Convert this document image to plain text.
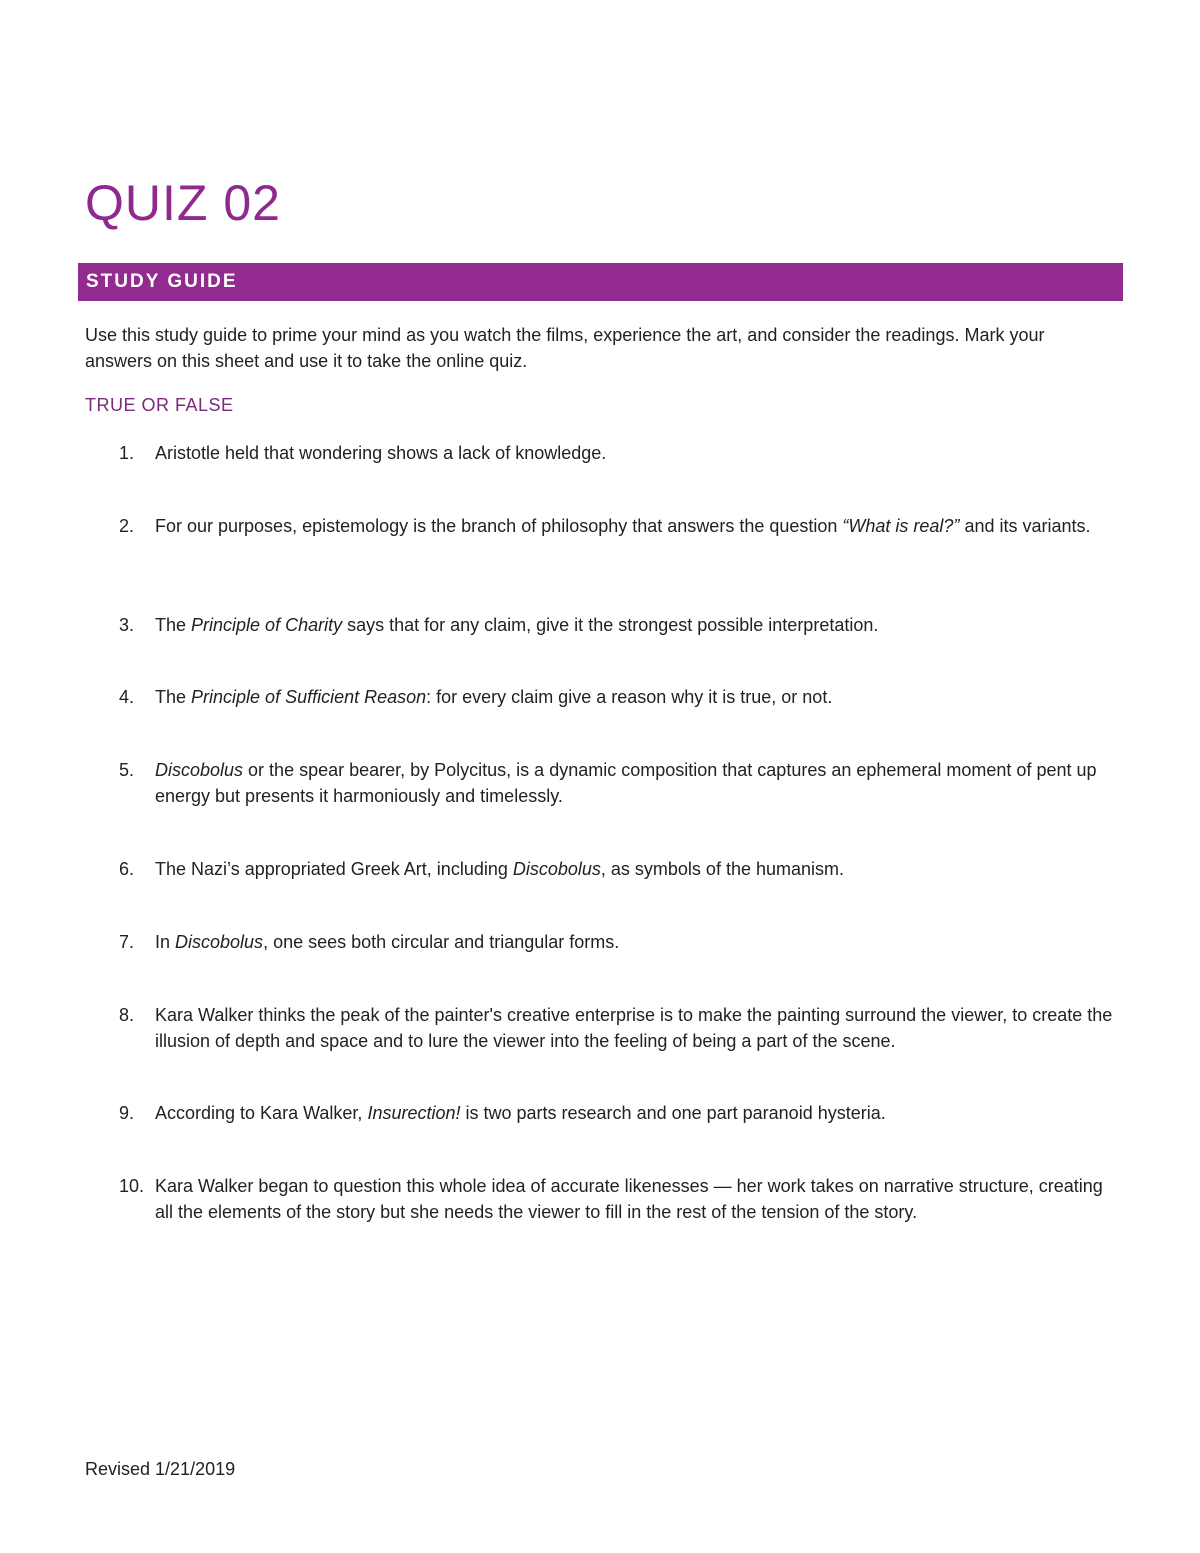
QUIZ 02
STUDY GUIDE

Use this study guide to prime your mind as you watch the films, experience the art, and consider the readings. Mark your answers on this sheet and use it to take the online quiz.

TRUE OR FALSE
1. Aristotle held that wondering shows a lack of knowledge.
2. For our purposes, epistemology is the branch of philosophy that answers the question “What is real?” and its variants.
3. The Principle of Charity says that for any claim, give it the strongest possible interpretation.
4. The Principle of Sufficient Reason: for every claim give a reason why it is true, or not.
5. Discobolus or the spear bearer, by Polycitus, is a dynamic composition that captures an ephemeral moment of pent up energy but presents it harmoniously and timelessly.
6. The Nazi’s appropriated Greek Art, including Discobolus, as symbols of the humanism.
7. In Discobolus, one sees both circular and triangular forms.
8. Kara Walker thinks the peak of the painter's creative enterprise is to make the painting surround the viewer, to create the illusion of depth and space and to lure the viewer into the feeling of being a part of the scene.
9. According to Kara Walker, Insurection! is two parts research and one part paranoid hysteria.
10. Kara Walker began to question this whole idea of accurate likenesses — her work takes on narrative structure, creating all the elements of the story but she needs the viewer to fill in the rest of the tension of the story.

Revised 1/21/2019
